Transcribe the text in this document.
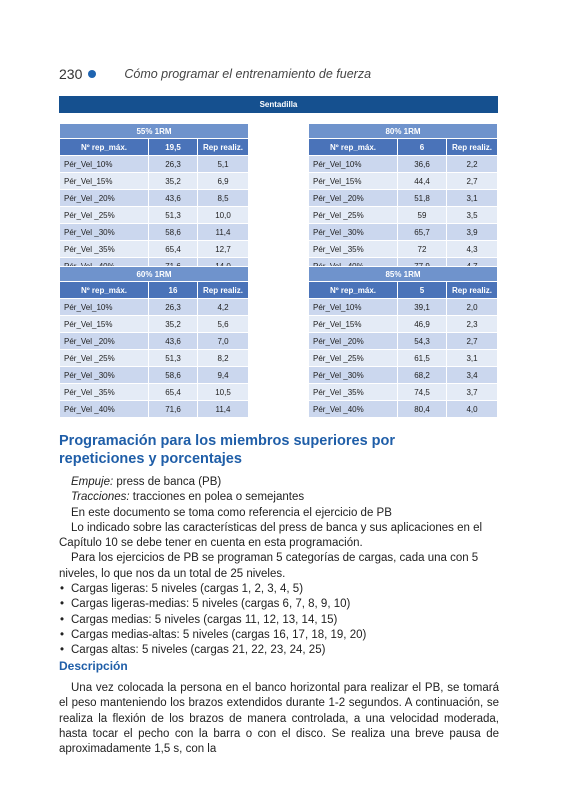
230	Cómo programar el entrenamiento de fuerza
Sentadilla
55% 1RM		
Nº rep_máx.	19,5	Rep realiz.
Pér_Vel_10%	26,3	5,1
Pér_Vel_15%	35,2	6,9
Pér_Vel _20%	43,6	8,5
Pér_Vel _25%	51,3	10,0
Pér_Vel _30%	58,6	11,4
Pér_Vel _35%	65,4	12,7

80% 1RM		
Nº rep_máx.	6	Rep realiz.
Pér_Vel_10%	36,6	2,2
Pér_Vel_15%	44,4	2,7
Pér_Vel _20%	51,8	3,1
Pér_Vel _25%	59	3,5
Pér_Vel _30%	65,7	3,9
Pér_Vel _35%	72	4,3

60% 1RM		
Nº rep_máx.	16	Rep realiz.
Pér_Vel_10%	26,3	4,2
Pér_Vel_15%	35,2	5,6
Pér_Vel _20%	43,6	7,0
Pér_Vel _25%	51,3	8,2
Pér_Vel _30%	58,6	9,4
Pér_Vel _35%	65,4	10,5
Pér_Vel _40%	71,6	11,4
85% 1RM		
Nº rep_máx.	5	Rep realiz.
Pér_Vel_10%	39,1	2,0
Pér_Vel_15%	46,9	2,3
Pér_Vel _20%	54,3	2,7
Pér_Vel _25%	61,5	3,1
Pér_Vel _30%	68,2	3,4
Pér_Vel _35%	74,5	3,7
Pér_Vel _40%	80,4	4,0
Programación para los miembros superiores por repeticiones y porcentajes

Empuje: press de banca (PB)

Tracciones: tracciones en polea o semejantes

En este documento se toma como referencia el ejercicio de PB

Lo indicado sobre las características del press de banca y sus aplicaciones en el Capítulo 10 se debe tener en cuenta en esta programación.

Para los ejercicios de PB se programan 5 categorías de cargas, cada una con 5 niveles, lo que nos da un total de 25 niveles.

• Cargas ligeras: 5 niveles (cargas 1, 2, 3, 4, 5)
• Cargas ligeras-medias: 5 niveles (cargas 6, 7, 8, 9, 10)
• Cargas medias: 5 niveles (cargas 11, 12, 13, 14, 15)
• Cargas medias-altas: 5 niveles (cargas 16, 17, 18, 19, 20)
• Cargas altas: 5 niveles (cargas 21, 22, 23, 24, 25)
Descripción

Una vez colocada la persona en el banco horizontal para realizar el PB, se tomará el peso manteniendo los brazos extendidos durante 1-2 segundos. A continuación, se realiza la flexión de los brazos de manera controlada, a una velocidad moderada, hasta tocar el pecho con la barra o con el disco. Se realiza una breve pausa de aproximadamente 1,5 s, con la
